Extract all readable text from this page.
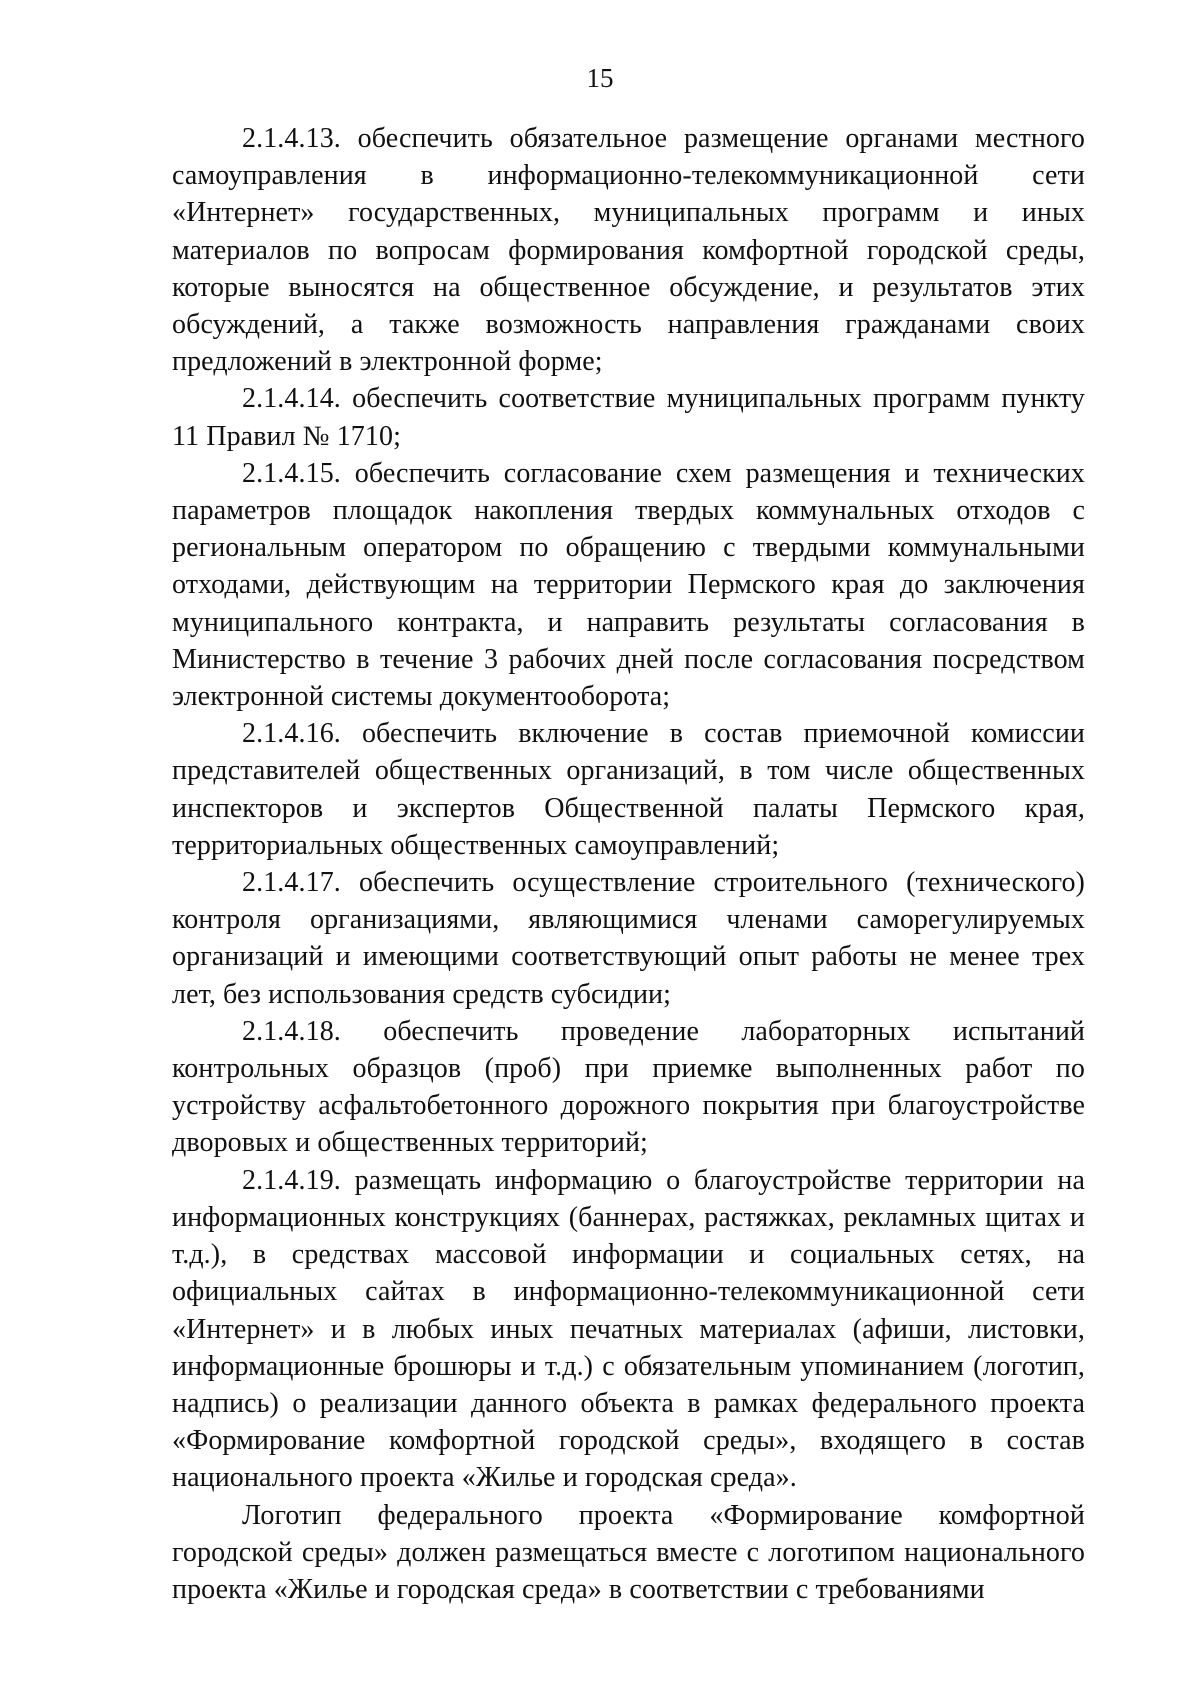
15

2.1.4.13. обеспечить обязательное размещение органами местного самоуправления в информационно-телекоммуникационной сети «Интернет» государственных, муниципальных программ и иных материалов по вопросам формирования комфортной городской среды, которые выносятся на общественное обсуждение, и результатов этих обсуждений, а также возможность направления гражданами своих предложений в электронной форме;

2.1.4.14. обеспечить соответствие муниципальных программ пункту 11 Правил № 1710;

2.1.4.15. обеспечить согласование схем размещения и технических параметров площадок накопления твердых коммунальных отходов с региональным оператором по обращению с твердыми коммунальными отходами, действующим на территории Пермского края до заключения муниципального контракта, и направить результаты согласования в Министерство в течение 3 рабочих дней после согласования посредством электронной системы документооборота;

2.1.4.16. обеспечить включение в состав приемочной комиссии представителей общественных организаций, в том числе общественных инспекторов и экспертов Общественной палаты Пермского края, территориальных общественных самоуправлений;

2.1.4.17. обеспечить осуществление строительного (технического) контроля организациями, являющимися членами саморегулируемых организаций и имеющими соответствующий опыт работы не менее трех лет, без использования средств субсидии;

2.1.4.18. обеспечить проведение лабораторных испытаний контрольных образцов (проб) при приемке выполненных работ по устройству асфальтобетонного дорожного покрытия при благоустройстве дворовых и общественных территорий;

2.1.4.19. размещать информацию о благоустройстве территории на информационных конструкциях (баннерах, растяжках, рекламных щитах и т.д.), в средствах массовой информации и социальных сетях, на официальных сайтах в информационно-телекоммуникационной сети «Интернет» и в любых иных печатных материалах (афиши, листовки, информационные брошюры и т.д.) с обязательным упоминанием (логотип, надпись) о реализации данного объекта в рамках федерального проекта «Формирование комфортной городской среды», входящего в состав национального проекта «Жилье и городская среда».

Логотип федерального проекта «Формирование комфортной городской среды» должен размещаться вместе с логотипом национального проекта «Жилье и городская среда» в соответствии с требованиями
